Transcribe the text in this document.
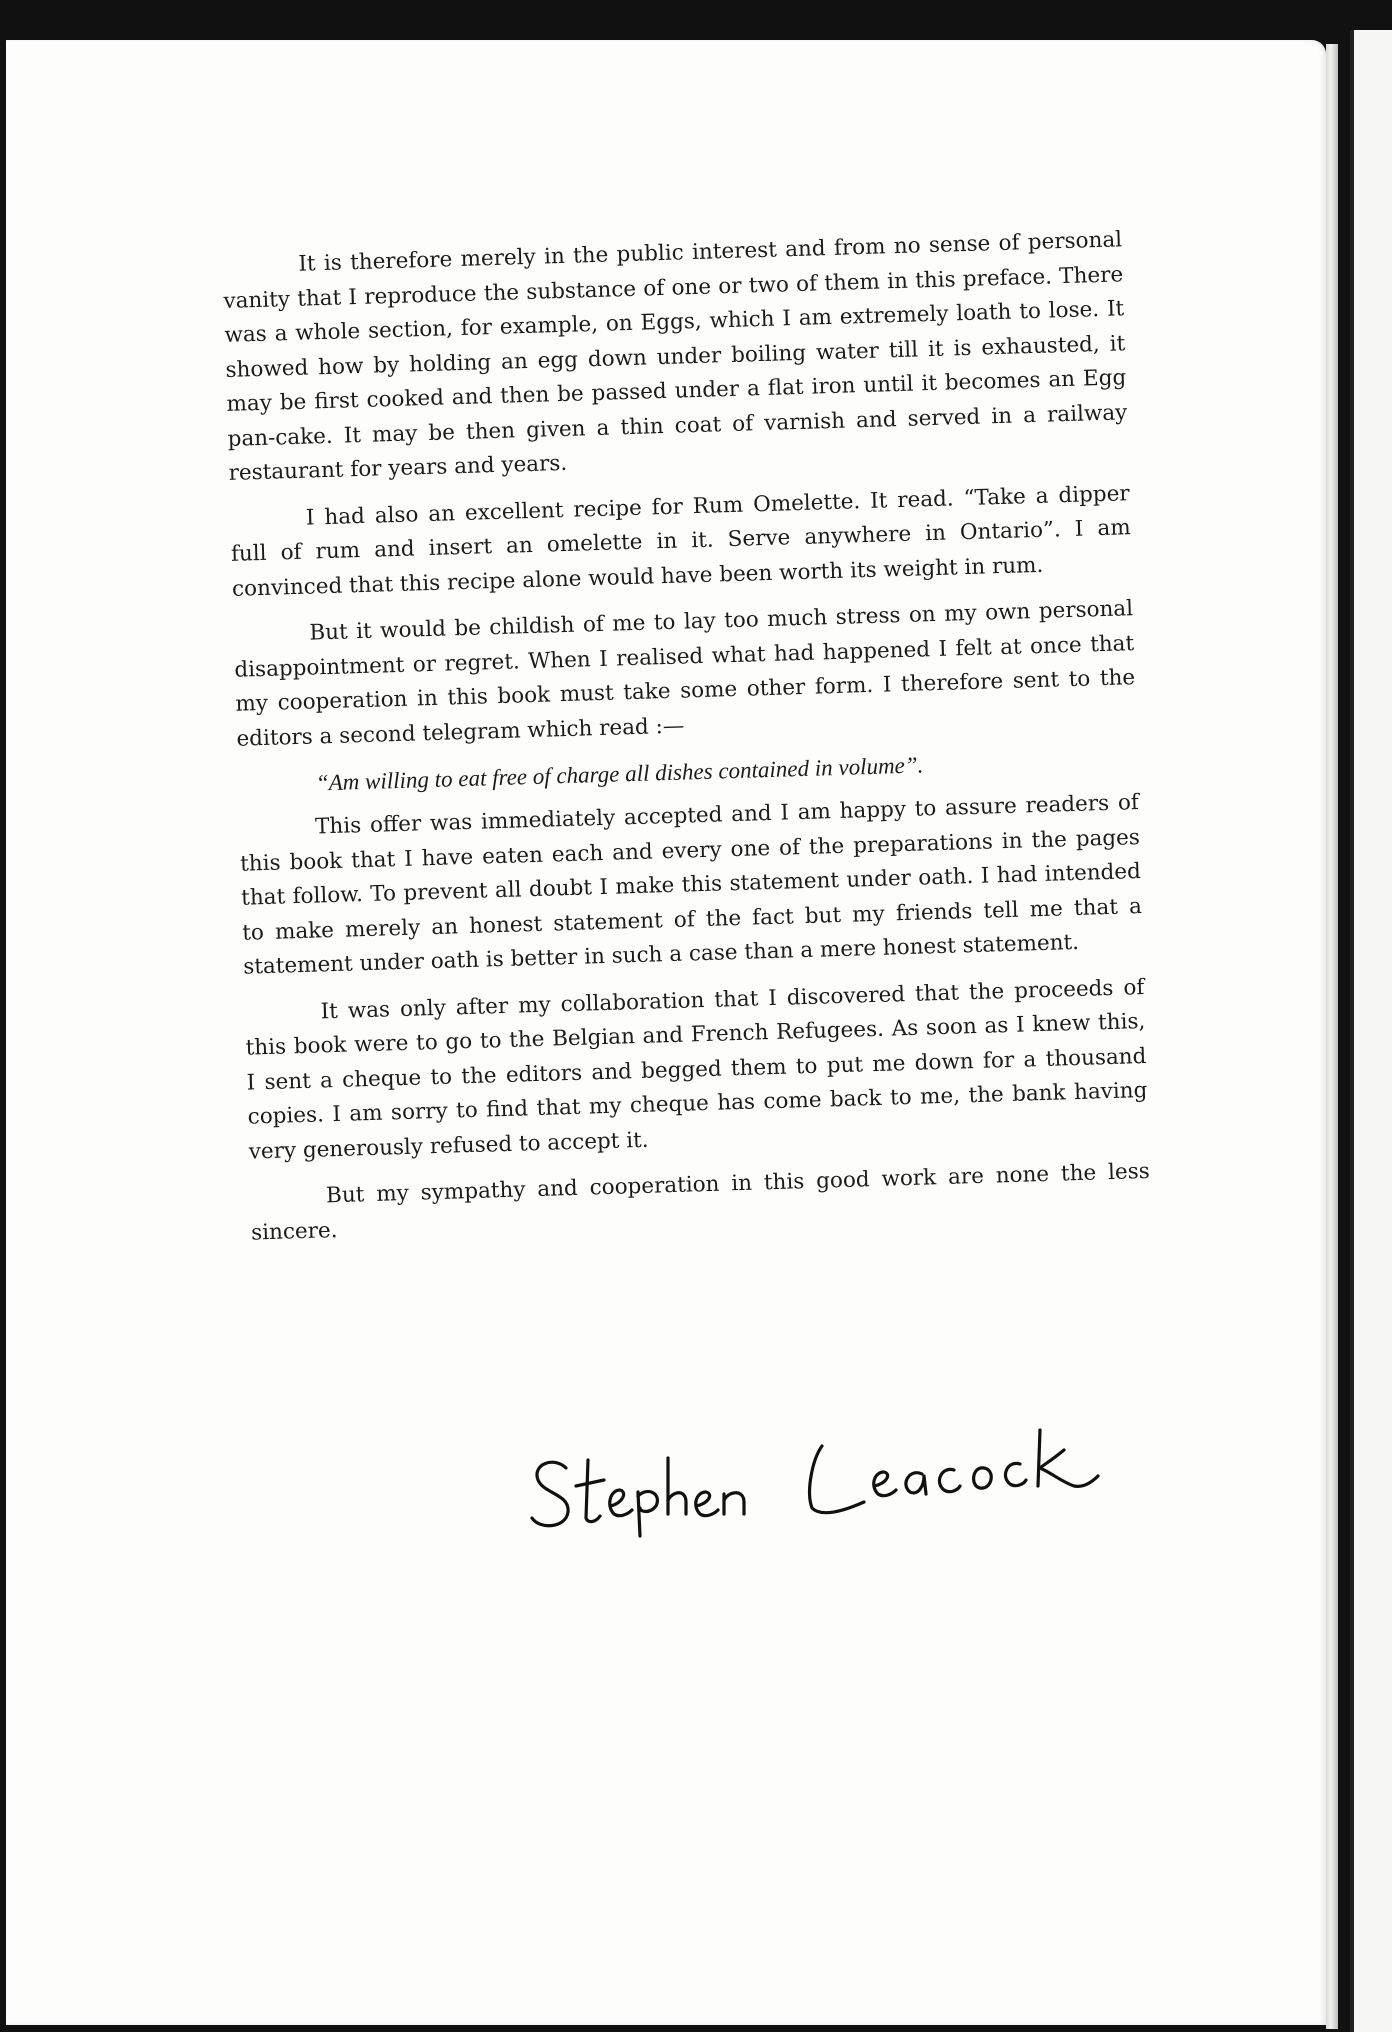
It is therefore merely in the public interest and from no sense of personal vanity that I reproduce the substance of one or two of them in this preface. There was a whole section, for example, on Eggs, which I am extremely loath to lose. It showed how by holding an egg down under boiling water till it is exhausted, it may be first cooked and then be passed under a flat iron until it becomes an Egg pan-cake. It may be then given a thin coat of varnish and served in a railway restaurant for years and years.

I had also an excellent recipe for Rum Omelette. It read. “Take a dipper full of rum and insert an omelette in it. Serve anywhere in Ontario”. I am convinced that this recipe alone would have been worth its weight in rum.

But it would be childish of me to lay too much stress on my own personal disappointment or regret. When I realised what had happened I felt at once that my cooperation in this book must take some other form. I therefore sent to the editors a second telegram which read :—

“Am willing to eat free of charge all dishes contained in volume”.

This offer was immediately accepted and I am happy to assure readers of this book that I have eaten each and every one of the preparations in the pages that follow. To prevent all doubt I make this statement under oath. I had intended to make merely an honest statement of the fact but my friends tell me that a statement under oath is better in such a case than a mere honest statement.

It was only after my collaboration that I discovered that the proceeds of this book were to go to the Belgian and French Refugees. As soon as I knew this, I sent a cheque to the editors and begged them to put me down for a thousand copies. I am sorry to find that my cheque has come back to me, the bank having very generously refused to accept it.

But my sympathy and cooperation in this good work are none the less sincere.
